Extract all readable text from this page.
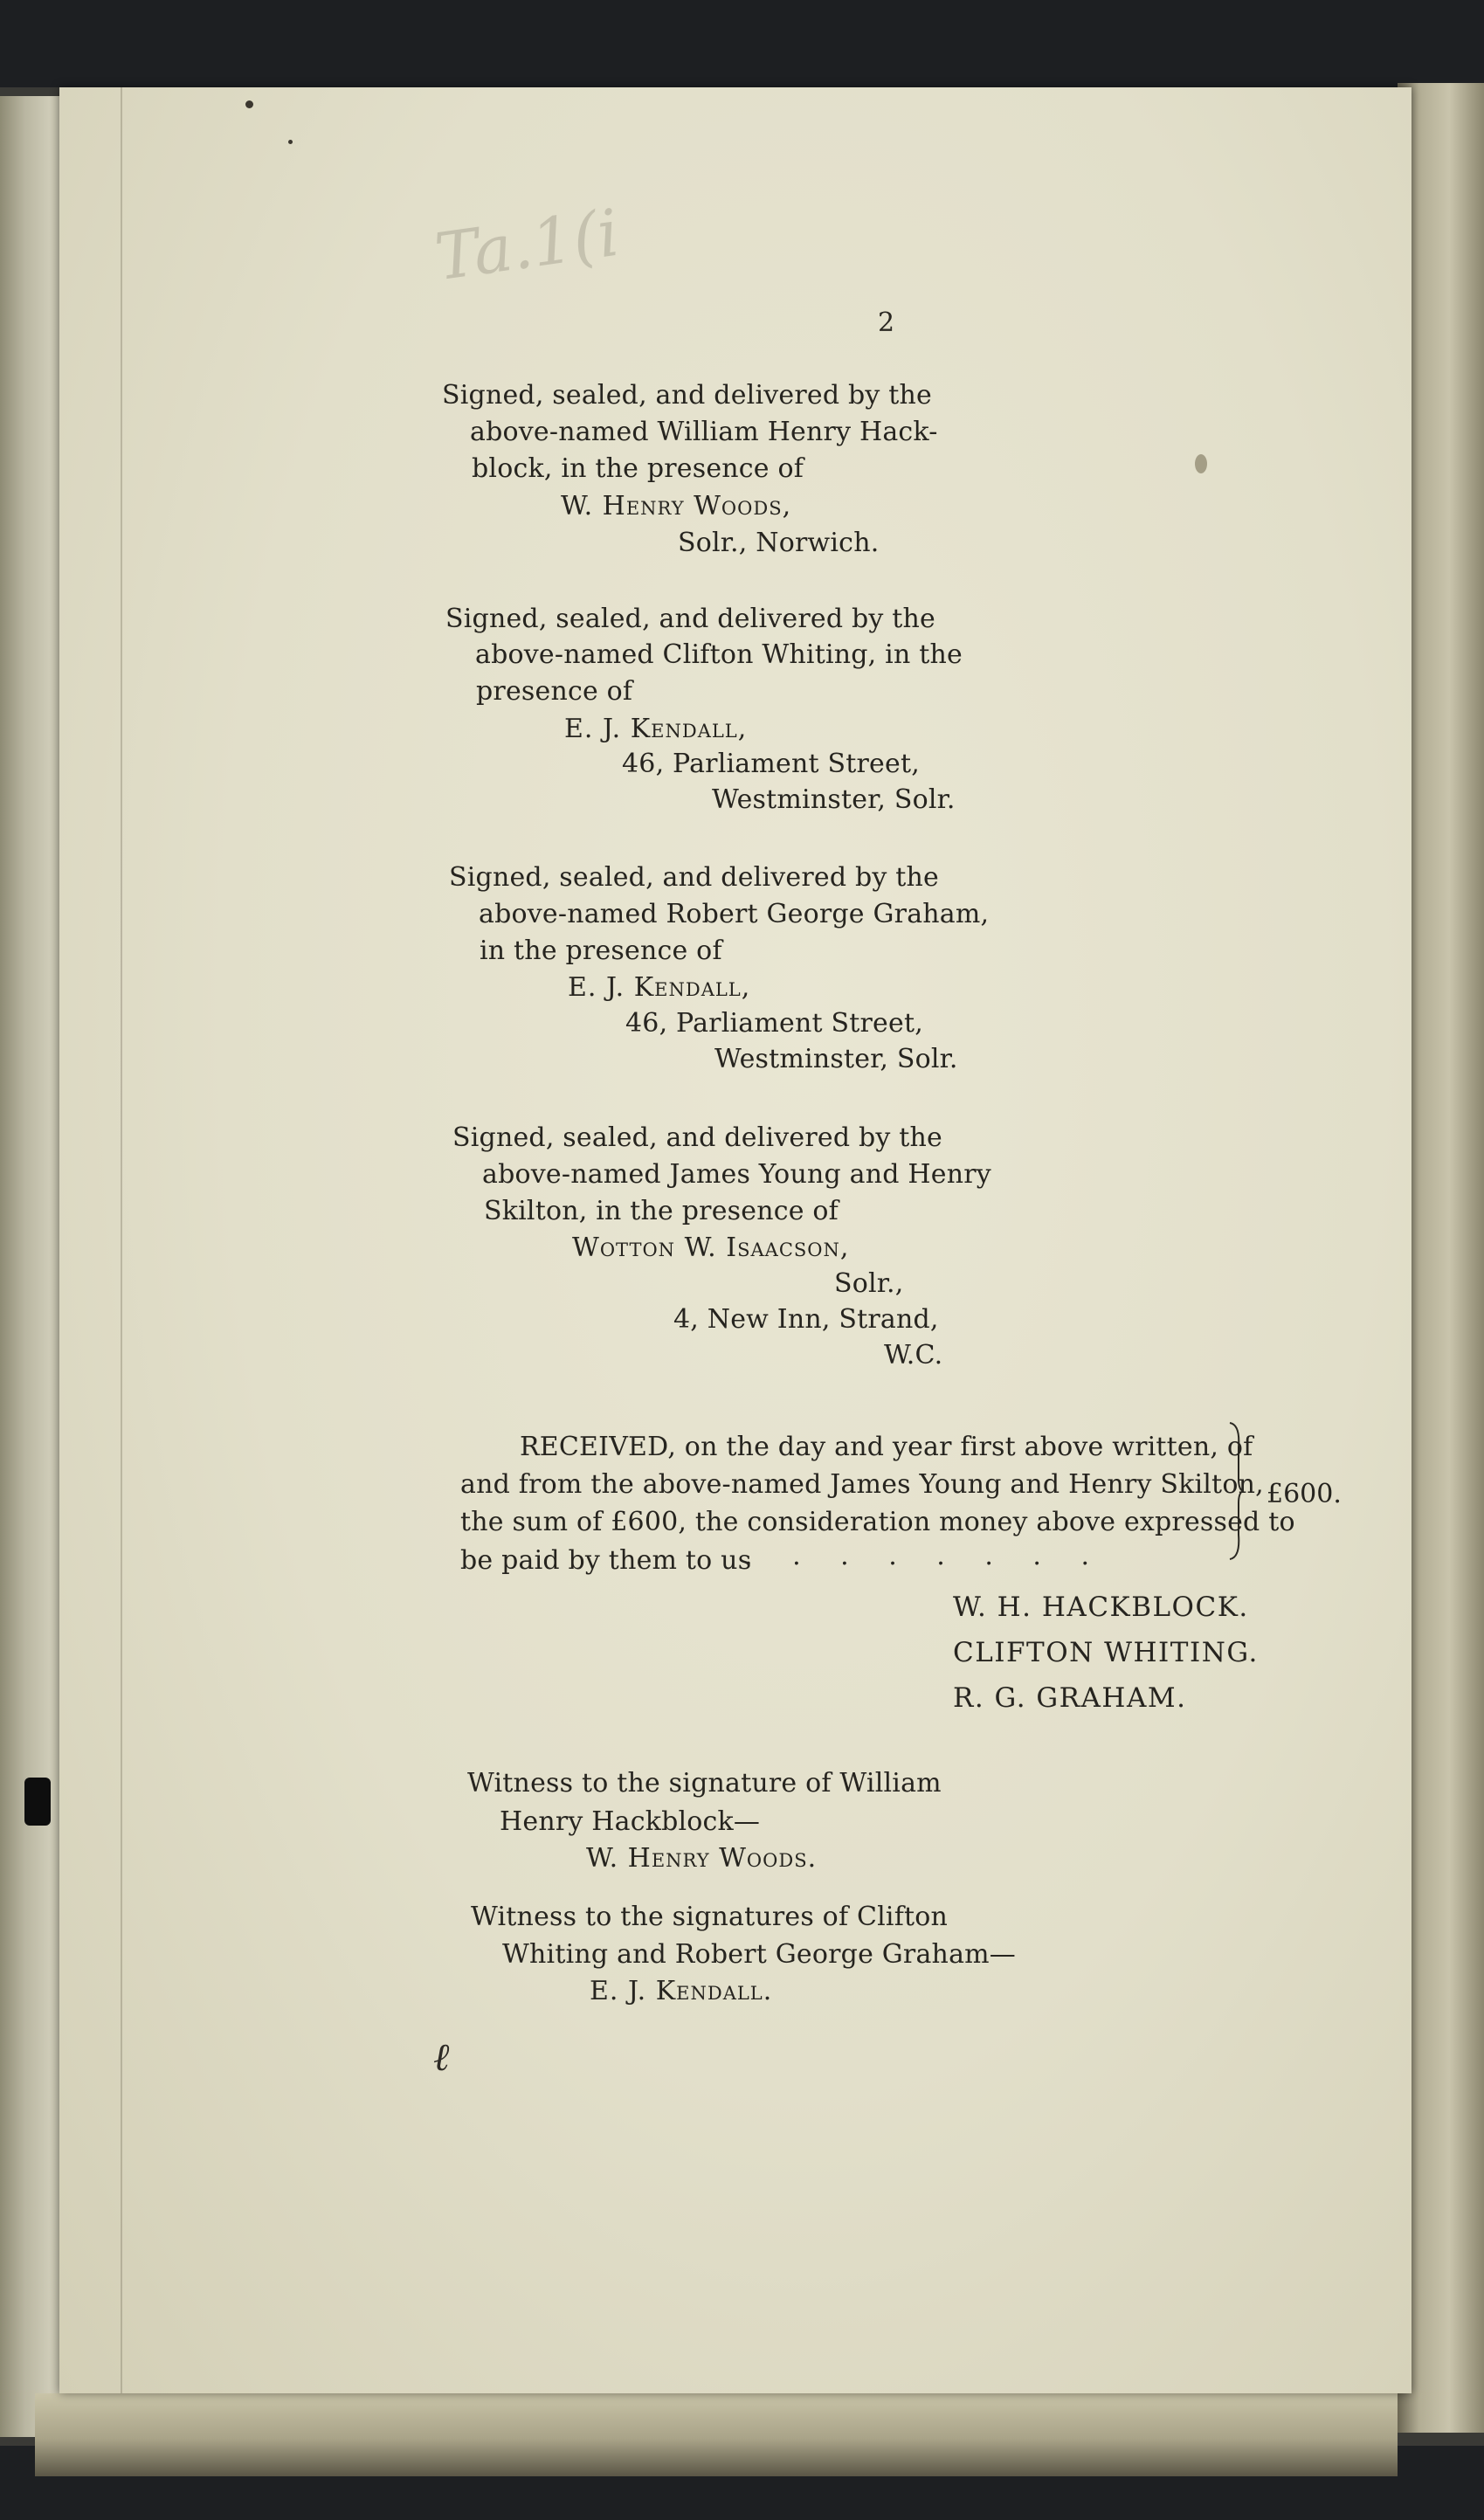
Ta.1(i
2
Signed, sealed, and delivered by the
above-named William Henry Hack-
block, in the presence of
W. Henry Woods,
Solr., Norwich.
Signed, sealed, and delivered by the
above-named Clifton Whiting, in the
presence of
E. J. Kendall,
46, Parliament Street,
Westminster, Solr.
Signed, sealed, and delivered by the
above-named Robert George Graham,
in the presence of
E. J. Kendall,
46, Parliament Street,
Westminster, Solr.
Signed, sealed, and delivered by the
above-named James Young and Henry
Skilton, in the presence of
Wotton W. Isaacson,
Solr.,
4, New Inn, Strand,
W.C.
RECEIVED, on the day and year first above written, of
and from the above-named James Young and Henry Skilton,
the sum of £600, the consideration money above expressed to
be paid by them to us
. . . . . . . .
£600.
W. H. HACKBLOCK.
CLIFTON WHITING.
R. G. GRAHAM.
Witness to the signature of William
Henry Hackblock—
W. Henry Woods.
Witness to the signatures of Clifton
Whiting and Robert George Graham—
E. J. Kendall.
ℓ
